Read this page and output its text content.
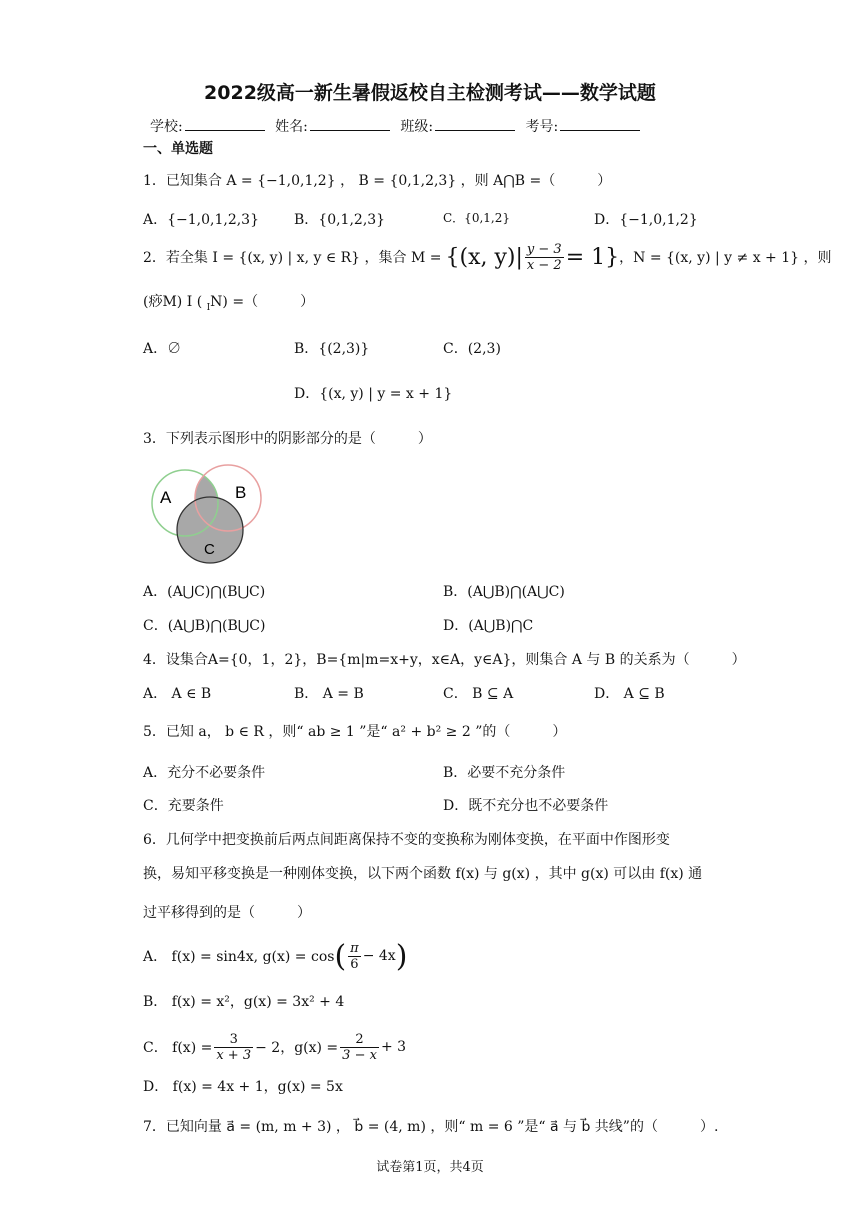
2022级高一新生暑假返校自主检测考试——数学试题
学校:	姓名:	班级:	考号:
一、单选题
1．已知集合 A = {−1,0,1,2} ， B = {0,1,2,3} ，则 A⋂B =（　　　）
A．{−1,0,1,2,3}	B．{0,1,2,3}	C．{0,1,2}	D．{−1,0,1,2}
2．若全集 I = {(x, y) | x, y ∈ R} ，集合 M = {(x, $y)| \frac{y - 3}{x - 2} = 1$} ，N = {(x, y) | y ≠ x + 1} ，则
(痧M) I ( $_I$N) =（　　　）
A．∅	B．{(2,3)}	C．(2,3)
D．{(x, y) | y = x + 1}
3．下列表示图形中的阴影部分的是（　　　）
A	B
C
A．(A⋃C)⋂(B⋃C)	B．(A⋃B)⋂(A⋃C)
C．(A⋃B)⋂(B⋃C)	D．(A⋃B)⋂C
4．设集合A={0，1，2}，B={m|m=x+y，x∈A，y∈A}，则集合 A 与 B 的关系为（　　　）
A． A ∈ B	B． A = B	C． B ⊆ A	D． A ⊆ B
5．已知 a， b ∈ R ，则“ ab ≥ 1 ”是“ a² + b² ≥ 2 ”的（　　　）
A．充分不必要条件	B．必要不充分条件
C．充要条件	D．既不充分也不必要条件
6．几何学中把变换前后两点间距离保持不变的变换称为刚体变换，在平面中作图形变
换，易知平移变换是一种刚体变换，以下两个函数 f(x) 与 g(x) ，其中 g(x) 可以由 f(x) 通
过平移得到的是（　　　）
A． f(x) = sin4x, g(x) = cos ( $\frac{\pi}{6} - 4x$ )
B． f(x) = x²，g(x) = 3x² + 4
C． $f(x) = \frac{3}{x + 3} - 2$，$g(x) = \frac{2}{3 - x} + 3$
D． f(x) = 4x + 1，g(x) = 5x
7．已知向量 a⃗ = (m, m + 3) ， b⃗ = (4, m) ，则“ m = 6 ”是“ a⃗ 与 b⃗ 共线”的（　　　）.
试卷第1页，共4页
